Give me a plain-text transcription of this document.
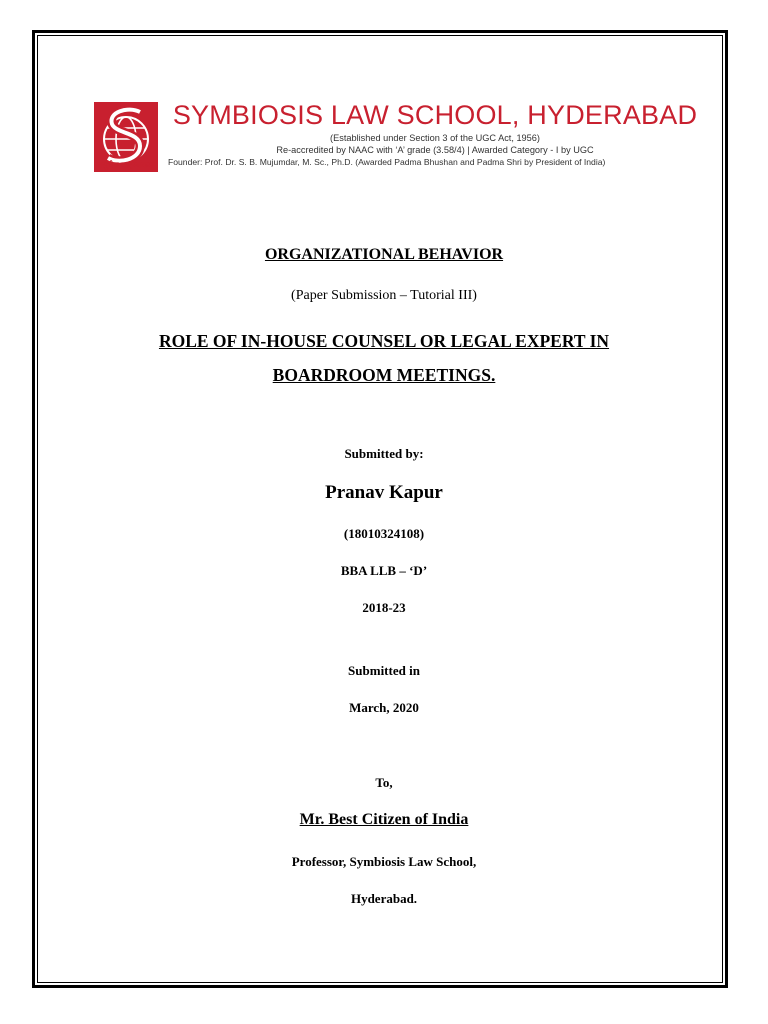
SYMBIOSIS LAW SCHOOL, HYDERABAD
(Established under Section 3 of the UGC Act, 1956)
Re-accredited by NAAC with ‘A’ grade (3.58/4) | Awarded Category - I by UGC
Founder: Prof. Dr. S. B. Mujumdar, M. Sc., Ph.D. (Awarded Padma Bhushan and Padma Shri by President of India)
वसुधैव कुटुम्बकम्
ORGANIZATIONAL BEHAVIOR
(Paper Submission – Tutorial III)
ROLE OF IN-HOUSE COUNSEL OR LEGAL EXPERT IN
BOARDROOM MEETINGS.
Submitted by:
Pranav Kapur
(18010324108)
BBA LLB – ‘D’
2018-23
Submitted in
March, 2020
To,
Mr. Best Citizen of India
Professor, Symbiosis Law School,
Hyderabad.
